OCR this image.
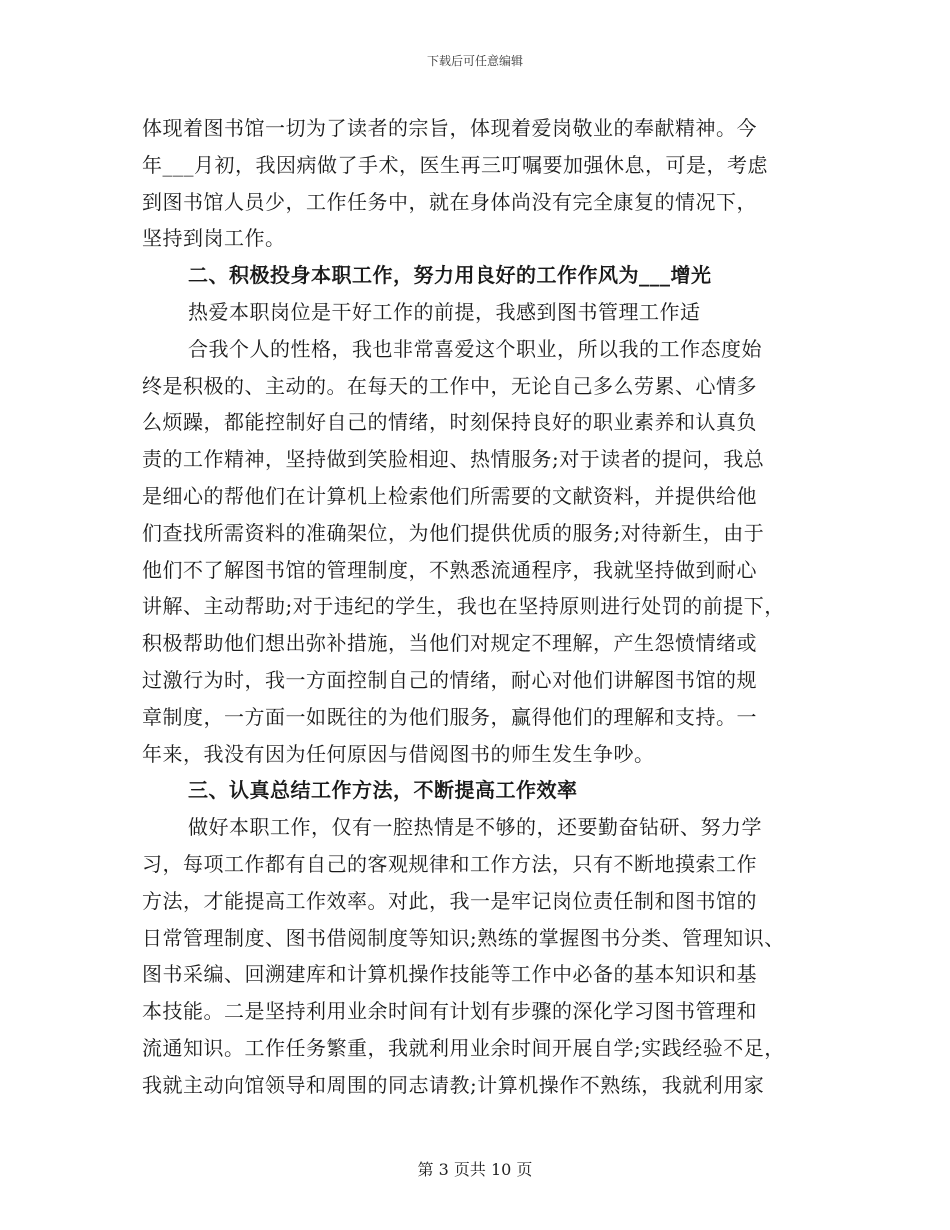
下载后可任意编辑
体现着图书馆一切为了读者的宗旨，体现着爱岗敬业的奉献精神。今
年___月初，我因病做了手术，医生再三叮嘱要加强休息，可是，考虑
到图书馆人员少，工作任务中，就在身体尚没有完全康复的情况下，
坚持到岗工作。
二、积极投身本职工作，努力用良好的工作作风为___增光
热爱本职岗位是干好工作的前提，我感到图书管理工作适
合我个人的性格，我也非常喜爱这个职业，所以我的工作态度始
终是积极的、主动的。在每天的工作中，无论自己多么劳累、心情多
么烦躁，都能控制好自己的情绪，时刻保持良好的职业素养和认真负
责的工作精神，坚持做到笑脸相迎、热情服务;对于读者的提问，我总
是细心的帮他们在计算机上检索他们所需要的文献资料，并提供给他
们查找所需资料的准确架位，为他们提供优质的服务;对待新生，由于
他们不了解图书馆的管理制度，不熟悉流通程序，我就坚持做到耐心
讲解、主动帮助;对于违纪的学生，我也在坚持原则进行处罚的前提下，
积极帮助他们想出弥补措施，当他们对规定不理解，产生怨愤情绪或
过激行为时，我一方面控制自己的情绪，耐心对他们讲解图书馆的规
章制度，一方面一如既往的为他们服务，赢得他们的理解和支持。一
年来，我没有因为任何原因与借阅图书的师生发生争吵。
三、认真总结工作方法，不断提高工作效率
做好本职工作，仅有一腔热情是不够的，还要勤奋钻研、努力学
习，每项工作都有自己的客观规律和工作方法，只有不断地摸索工作
方法，才能提高工作效率。对此，我一是牢记岗位责任制和图书馆的
日常管理制度、图书借阅制度等知识;熟练的掌握图书分类、管理知识、
图书采编、回溯建库和计算机操作技能等工作中必备的基本知识和基
本技能。二是坚持利用业余时间有计划有步骤的深化学习图书管理和
流通知识。工作任务繁重，我就利用业余时间开展自学;实践经验不足，
我就主动向馆领导和周围的同志请教;计算机操作不熟练，我就利用家
第 3 页共 10 页
